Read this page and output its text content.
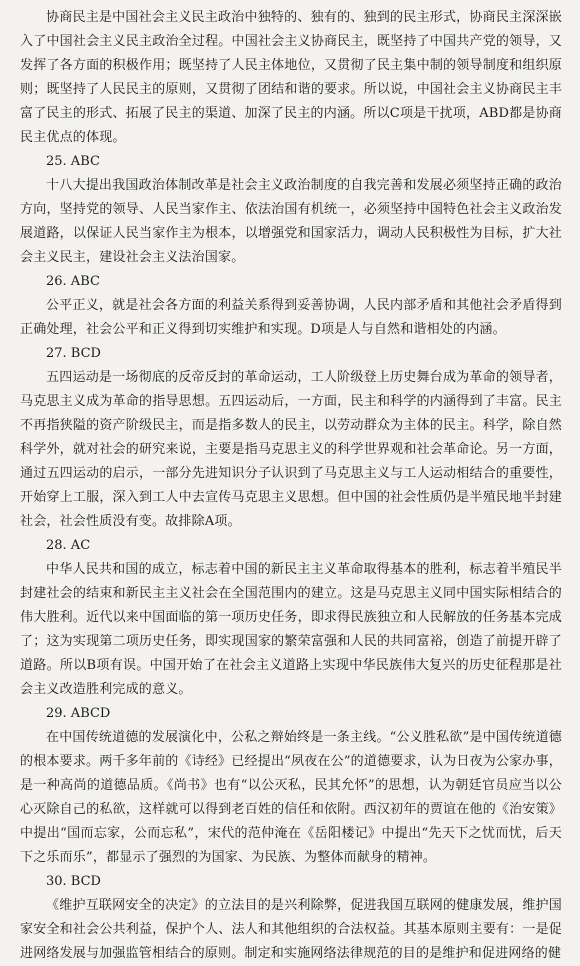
协商民主是中国社会主义民主政治中独特的、独有的、独到的民主形式，协商民主深深嵌入了中国社会主义民主政治全过程。中国社会主义协商民主，既坚持了中国共产党的领导，又发挥了各方面的积极作用；既坚持了人民主体地位，又贯彻了民主集中制的领导制度和组织原则；既坚持了人民民主的原则，又贯彻了团结和谐的要求。所以说，中国社会主义协商民主丰富了民主的形式、拓展了民主的渠道、加深了民主的内涵。所以C项是干扰项，ABD都是协商民主优点的体现。

25. ABC

十八大提出我国政治体制改革是社会主义政治制度的自我完善和发展必须坚持正确的政治方向，坚持党的领导、人民当家作主、依法治国有机统一，必须坚持中国特色社会主义政治发展道路，以保证人民当家作主为根本，以增强党和国家活力，调动人民积极性为目标，扩大社会主义民主，建设社会主义法治国家。

26. ABC

公平正义，就是社会各方面的利益关系得到妥善协调，人民内部矛盾和其他社会矛盾得到正确处理，社会公平和正义得到切实维护和实现。D项是人与自然和谐相处的内涵。

27. BCD

五四运动是一场彻底的反帝反封的革命运动，工人阶级登上历史舞台成为革命的领导者，马克思主义成为革命的指导思想。五四运动后，一方面，民主和科学的内涵得到了丰富。民主不再指狭隘的资产阶级民主，而是指多数人的民主，以劳动群众为主体的民主。科学，除自然科学外，就对社会的研究来说，主要是指马克思主义的科学世界观和社会革命论。另一方面，通过五四运动的启示，一部分先进知识分子认识到了马克思主义与工人运动相结合的重要性，开始穿上工服，深入到工人中去宣传马克思主义思想。但中国的社会性质仍是半殖民地半封建社会，社会性质没有变。故排除A项。

28. AC

中华人民共和国的成立，标志着中国的新民主主义革命取得基本的胜利，标志着半殖民半封建社会的结束和新民主主义社会在全国范围内的建立。这是马克思主义同中国实际相结合的伟大胜利。近代以来中国面临的第一项历史任务，即求得民族独立和人民解放的任务基本完成了；这为实现第二项历史任务，即实现国家的繁荣富强和人民的共同富裕，创造了前提开辟了道路。所以B项有误。中国开始了在社会主义道路上实现中华民族伟大复兴的历史征程那是社会主义改造胜利完成的意义。

29. ABCD

在中国传统道德的发展演化中，公私之辩始终是一条主线。“公义胜私欲”是中国传统道德的根本要求。两千多年前的《诗经》已经提出“夙夜在公”的道德要求，认为日夜为公家办事，是一种高尚的道德品质。《尚书》也有“以公灭私，民其允怀”的思想，认为朝廷官员应当以公心灭除自己的私欲，这样就可以得到老百姓的信任和依附。西汉初年的贾谊在他的《治安策》中提出“国而忘家，公而忘私”，宋代的范仲淹在《岳阳楼记》中提出“先天下之忧而忧，后天下之乐而乐”，都显示了强烈的为国家、为民族、为整体而献身的精神。

30. BCD

《维护互联网安全的决定》的立法目的是兴利除弊，促进我国互联网的健康发展，维护国家安全和社会公共利益，保护个人、法人和其他组织的合法权益。其基本原则主要有：一是促进网络发展与加强监管相结合的原则。制定和实施网络法律规范的目的是维护和促进网络的健
